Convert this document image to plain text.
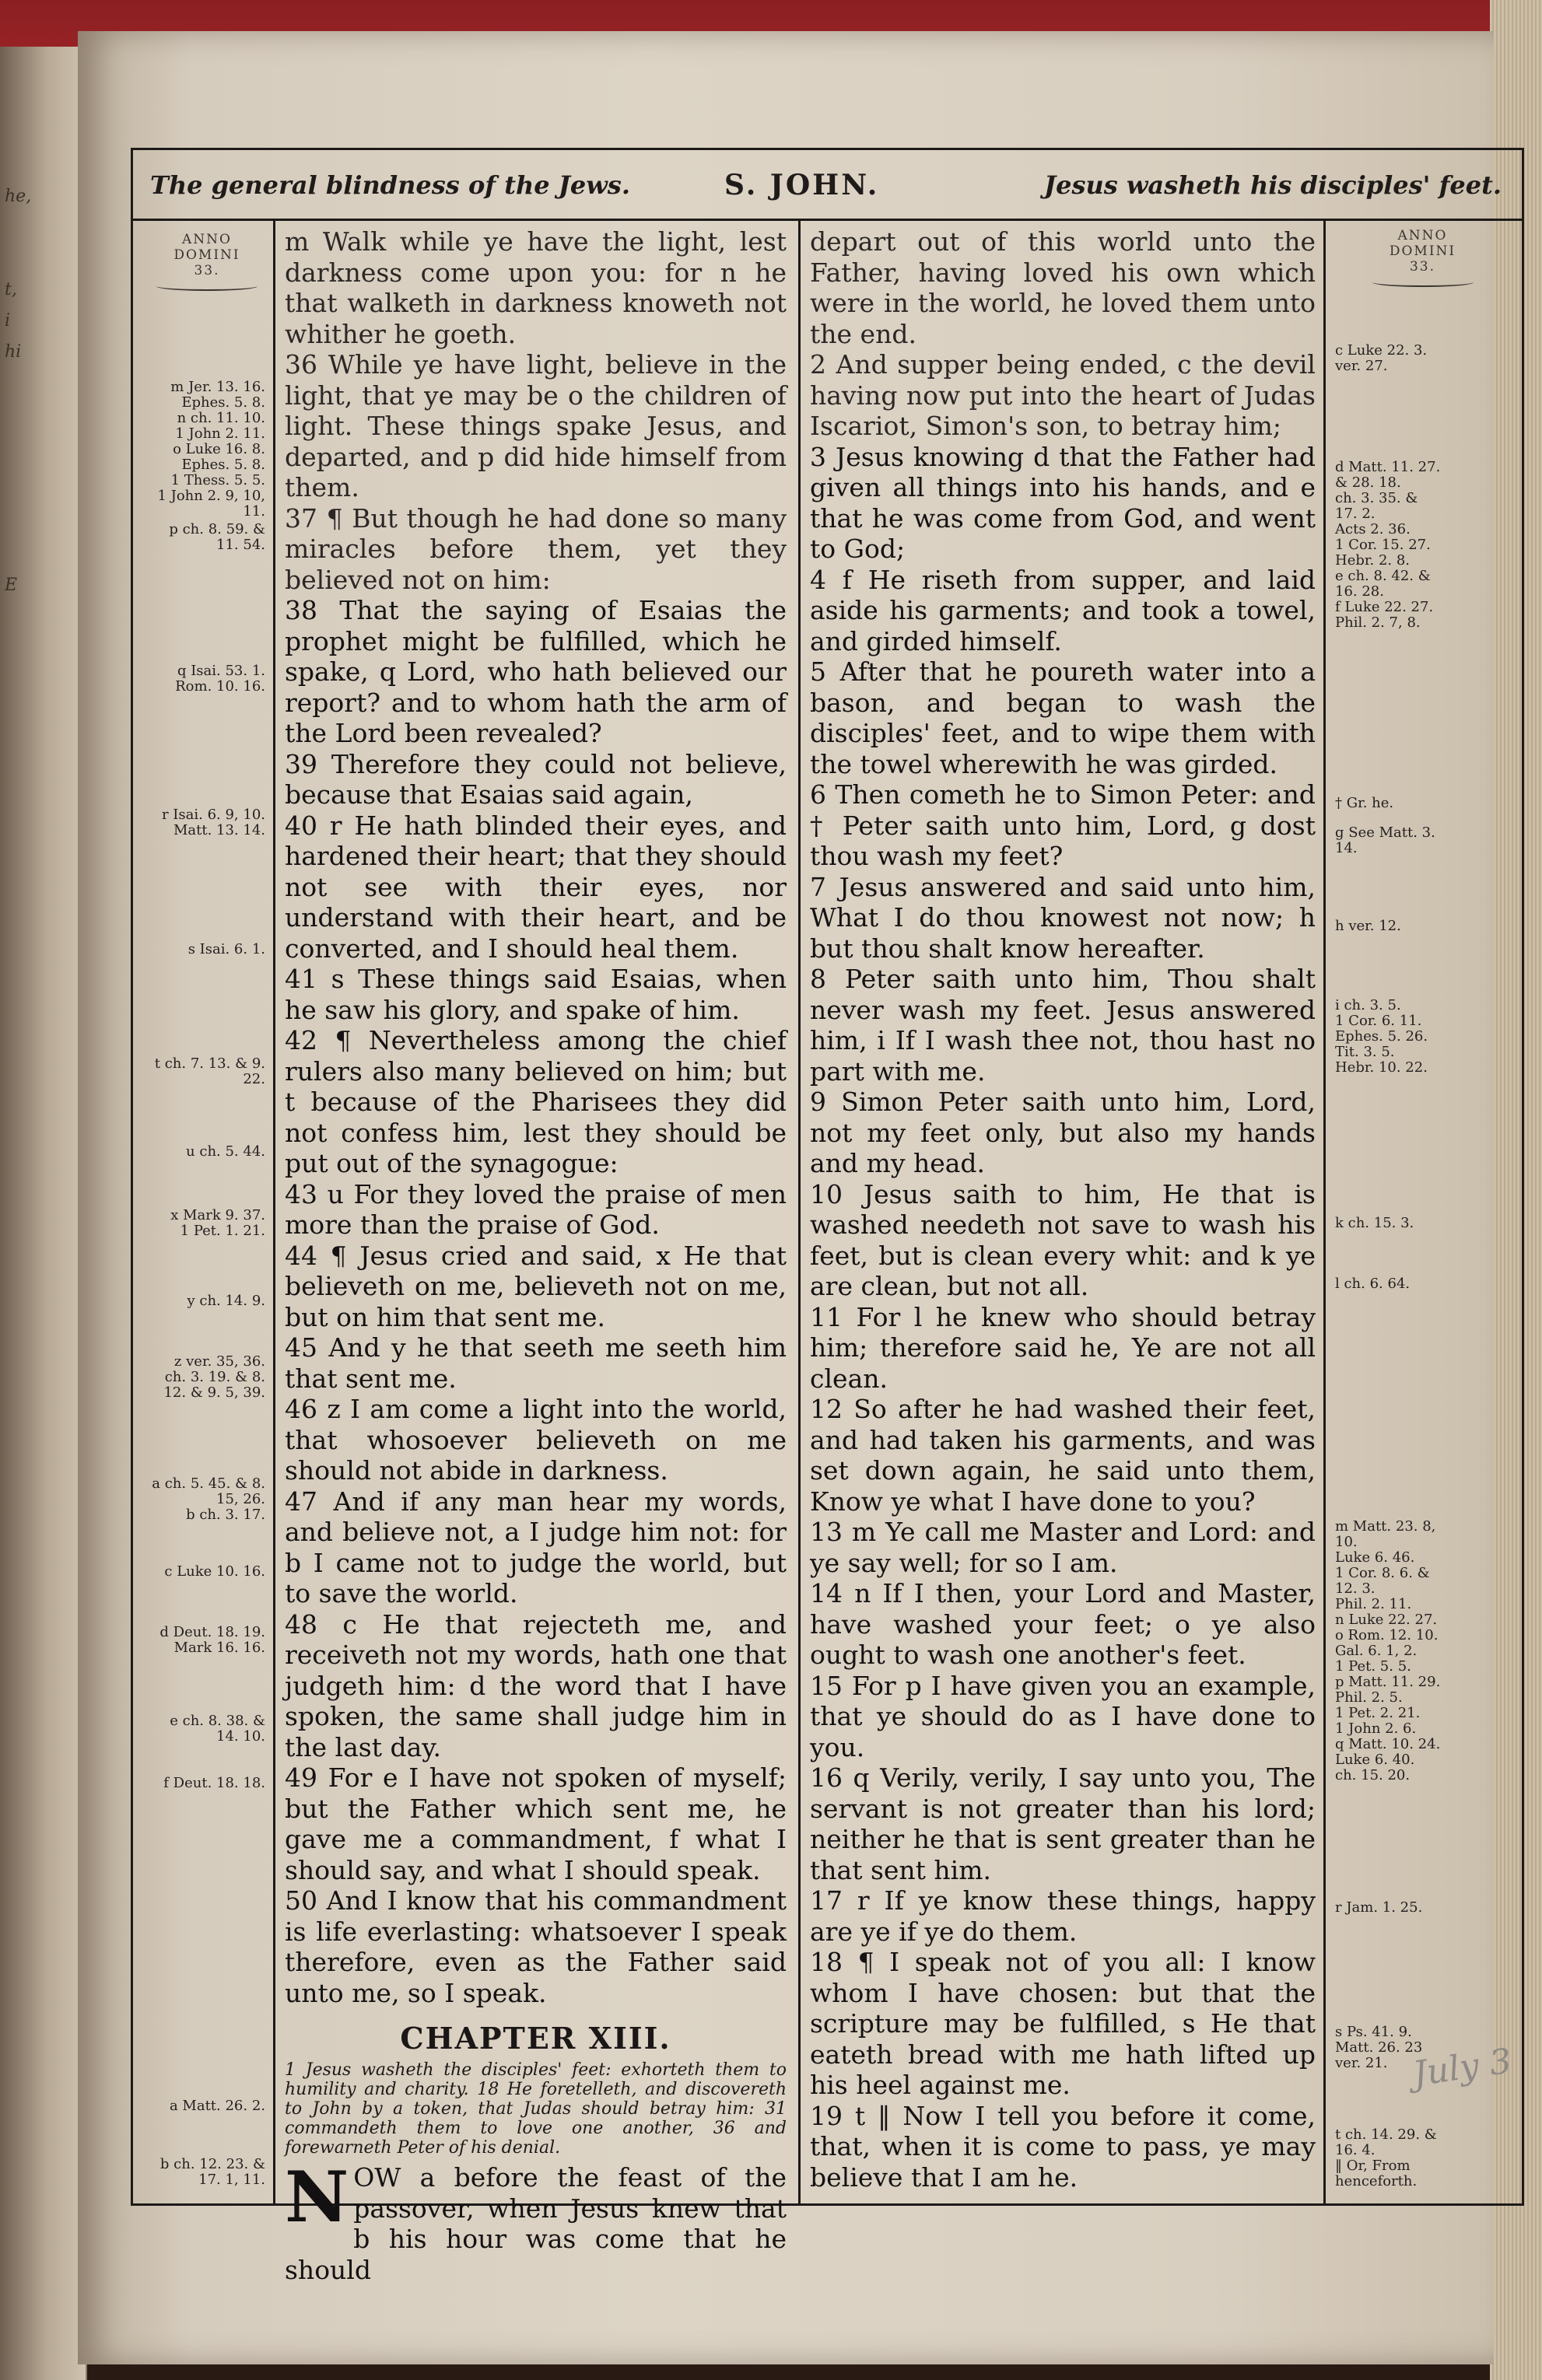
he,
t,
i
hi
E
The general blindness of the Jews.	S. JOHN.	Jesus washeth his disciples' feet.
ANNO
DOMINI
33.
ANNO
DOMINI
33.
m Jer. 13. 16.
Ephes. 5. 8.
n ch. 11. 10.
1 John 2. 11.
o Luke 16. 8.
Ephes. 5. 8.
1 Thess. 5. 5.
1 John 2. 9, 10,
11.
p ch. 8. 59. &
11. 54.
q Isai. 53. 1.
Rom. 10. 16.
r Isai. 6. 9, 10.
Matt. 13. 14.
s Isai. 6. 1.
t ch. 7. 13. & 9.
22.
u ch. 5. 44.
x Mark 9. 37.
1 Pet. 1. 21.
y ch. 14. 9.
z ver. 35, 36.
ch. 3. 19. & 8.
12. & 9. 5, 39.
a ch. 5. 45. & 8.
15, 26.
b ch. 3. 17.
c Luke 10. 16.
d Deut. 18. 19.
Mark 16. 16.
e ch. 8. 38. &
14. 10.
f Deut. 18. 18.
a Matt. 26. 2.
b ch. 12. 23. &
17. 1, 11.
c Luke 22. 3.
ver. 27.
d Matt. 11. 27.
& 28. 18.
ch. 3. 35. &
17. 2.
Acts 2. 36.
1 Cor. 15. 27.
Hebr. 2. 8.
e ch. 8. 42. &
16. 28.
f Luke 22. 27.
Phil. 2. 7, 8.
† Gr. he.
g See Matt. 3.
14.
h ver. 12.
i ch. 3. 5.
1 Cor. 6. 11.
Ephes. 5. 26.
Tit. 3. 5.
Hebr. 10. 22.
k ch. 15. 3.
l ch. 6. 64.
m Matt. 23. 8,
10.
Luke 6. 46.
1 Cor. 8. 6. &
12. 3.
Phil. 2. 11.
n Luke 22. 27.
o Rom. 12. 10.
Gal. 6. 1, 2.
1 Pet. 5. 5.
p Matt. 11. 29.
Phil. 2. 5.
1 Pet. 2. 21.
1 John 2. 6.
q Matt. 10. 24.
Luke 6. 40.
ch. 15. 20.
r Jam. 1. 25.
s Ps. 41. 9.
Matt. 26. 23
ver. 21.
t ch. 14. 29. &
16. 4.
‖ Or, From
henceforth.

m Walk while ye have the light, lest darkness come upon you: for n he that walketh in darkness knoweth not whither he goeth.

36 While ye have light, believe in the light, that ye may be o the children of light. These things spake Jesus, and departed, and p did hide himself from them.

37 ¶ But though he had done so many miracles before them, yet they believed not on him:

38 That the saying of Esaias the prophet might be fulfilled, which he spake, q Lord, who hath believed our report? and to whom hath the arm of the Lord been revealed?

39 Therefore they could not believe, because that Esaias said again,

40 r He hath blinded their eyes, and hardened their heart; that they should not see with their eyes, nor understand with their heart, and be converted, and I should heal them.

41 s These things said Esaias, when he saw his glory, and spake of him.

42 ¶ Nevertheless among the chief rulers also many believed on him; but t because of the Pharisees they did not confess him, lest they should be put out of the synagogue:

43 u For they loved the praise of men more than the praise of God.

44 ¶ Jesus cried and said, x He that believeth on me, believeth not on me, but on him that sent me.

45 And y he that seeth me seeth him that sent me.

46 z I am come a light into the world, that whosoever believeth on me should not abide in darkness.

47 And if any man hear my words, and believe not, a I judge him not: for b I came not to judge the world, but to save the world.

48 c He that rejecteth me, and receiveth not my words, hath one that judgeth him: d the word that I have spoken, the same shall judge him in the last day.

49 For e I have not spoken of myself; but the Father which sent me, he gave me a commandment, f what I should say, and what I should speak.

50 And I know that his commandment is life everlasting: whatsoever I speak therefore, even as the Father said unto me, so I speak.

CHAPTER XIII.

1 Jesus washeth the disciples' feet: exhorteth them to humility and charity. 18 He foretelleth, and discovereth to John by a token, that Judas should betray him: 31 commandeth them to love one another, 36 and forewarneth Peter of his denial.

N OW a before the feast of the passover, when Jesus knew that b his hour was come that he should

depart out of this world unto the Father, having loved his own which were in the world, he loved them unto the end.

2 And supper being ended, c the devil having now put into the heart of Judas Iscariot, Simon's son, to betray him;

3 Jesus knowing d that the Father had given all things into his hands, and e that he was come from God, and went to God;

4 f He riseth from supper, and laid aside his garments; and took a towel, and girded himself.

5 After that he poureth water into a bason, and began to wash the disciples' feet, and to wipe them with the towel wherewith he was girded.

6 Then cometh he to Simon Peter: and † Peter saith unto him, Lord, g dost thou wash my feet?

7 Jesus answered and said unto him, What I do thou knowest not now; h but thou shalt know hereafter.

8 Peter saith unto him, Thou shalt never wash my feet. Jesus answered him, i If I wash thee not, thou hast no part with me.

9 Simon Peter saith unto him, Lord, not my feet only, but also my hands and my head.

10 Jesus saith to him, He that is washed needeth not save to wash his feet, but is clean every whit: and k ye are clean, but not all.

11 For l he knew who should betray him; therefore said he, Ye are not all clean.

12 So after he had washed their feet, and had taken his garments, and was set down again, he said unto them, Know ye what I have done to you?

13 m Ye call me Master and Lord: and ye say well; for so I am.

14 n If I then, your Lord and Master, have washed your feet; o ye also ought to wash one another's feet.

15 For p I have given you an example, that ye should do as I have done to you.

16 q Verily, verily, I say unto you, The servant is not greater than his lord; neither he that is sent greater than he that sent him.

17 r If ye know these things, happy are ye if ye do them.

18 ¶ I speak not of you all: I know whom I have chosen: but that the scripture may be fulfilled, s He that eateth bread with me hath lifted up his heel against me.

19 t ‖ Now I tell you before it come, that, when it is come to pass, ye may believe that I am he.

July 3
